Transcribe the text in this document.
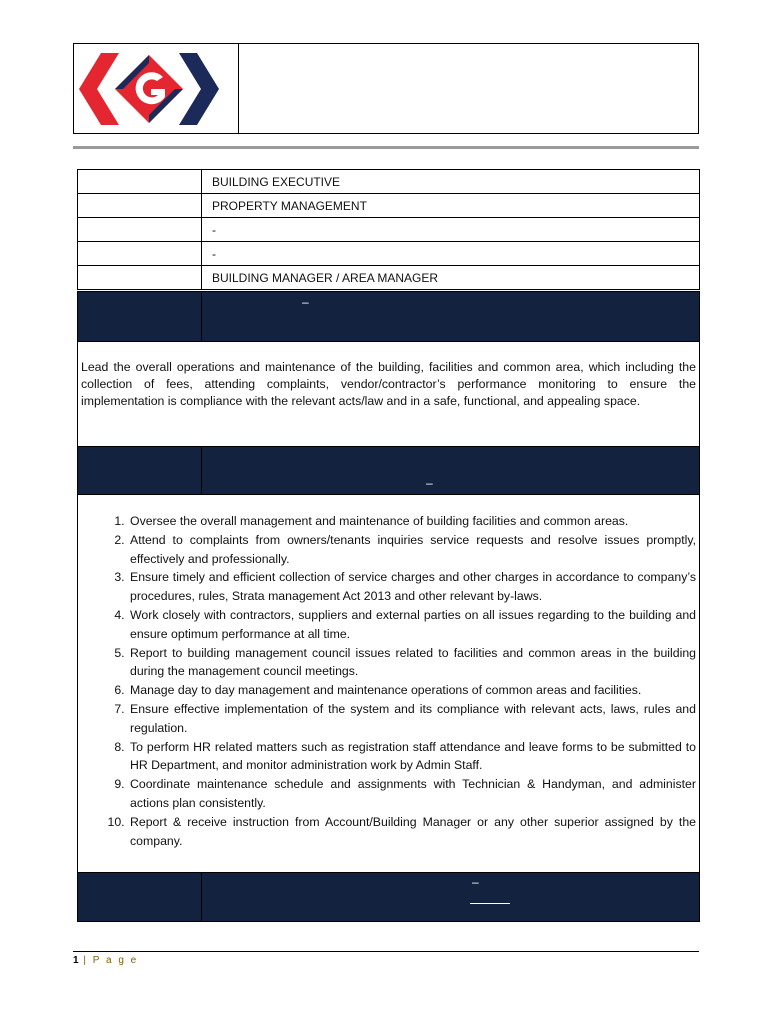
	BUILDING EXECUTIVE
	PROPERTY MANAGEMENT
	-
	-
	BUILDING MANAGER / AREA MANAGER
–

Lead the overall operations and maintenance of the building, facilities and common area, which including the collection of fees, attending complaints, vendor/contractor’s performance monitoring to ensure the implementation is compliance with the relevant acts/law and in a safe, functional, and appealing space.

–
1. Oversee the overall management and maintenance of building facilities and common areas.
2. Attend to complaints from owners/tenants inquiries service requests and resolve issues promptly, effectively and professionally.
3. Ensure timely and efficient collection of service charges and other charges in accordance to company’s procedures, rules, Strata management Act 2013 and other relevant by-laws.
4. Work closely with contractors, suppliers and external parties on all issues regarding to the building and ensure optimum performance at all time.
5. Report to building management council issues related to facilities and common areas in the building during the management council meetings.
6. Manage day to day management and maintenance operations of common areas and facilities.
7. Ensure effective implementation of the system and its compliance with relevant acts, laws, rules and regulation.
8. To perform HR related matters such as registration staff attendance and leave forms to be submitted to HR Department, and monitor administration work by Admin Staff.
9. Coordinate maintenance schedule and assignments with Technician & Handyman, and administer actions plan consistently.
10. Report & receive instruction from Account/Building Manager or any other superior assigned by the company.
–
1 | P a g e
